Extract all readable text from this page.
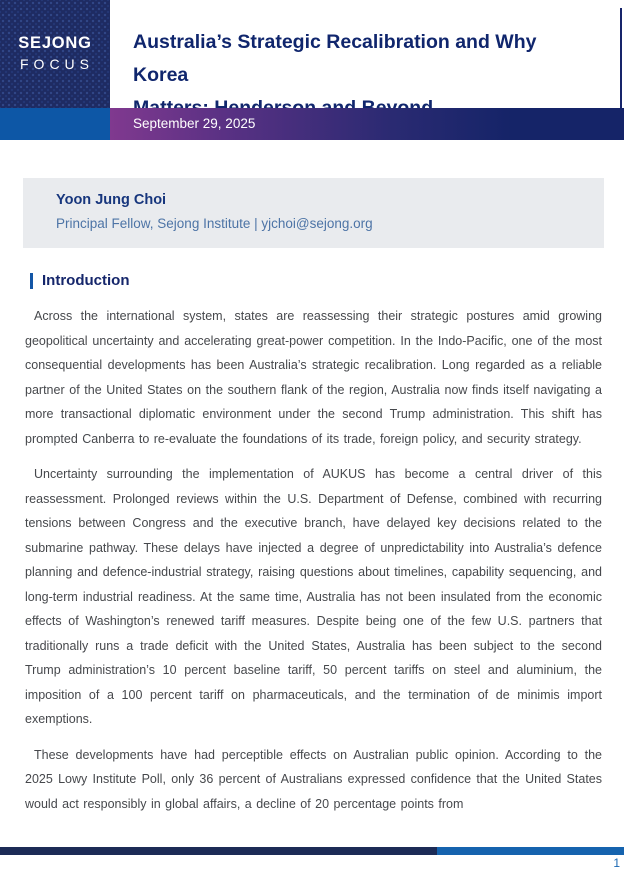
SEJONG
FOCUS
Australia’s Strategic Recalibration and Why Korea
September 29, 2025
Yoon Jung Choi
Principal Fellow, Sejong Institute | yjchoi@sejong.org
Introduction

Across the international system, states are reassessing their strategic postures amid growing geopolitical uncertainty and accelerating great-power competition. In the Indo-Pacific, one of the most consequential developments has been Australia’s strategic recalibration. Long regarded as a reliable partner of the United States on the southern flank of the region, Australia now finds itself navigating a more transactional diplomatic environment under the second Trump administration. This shift has prompted Canberra to re-evaluate the foundations of its trade, foreign policy, and security strategy.

Uncertainty surrounding the implementation of AUKUS has become a central driver of this reassessment. Prolonged reviews within the U.S. Department of Defense, combined with recurring tensions between Congress and the executive branch, have delayed key decisions related to the submarine pathway. These delays have injected a degree of unpredictability into Australia’s defence planning and defence-industrial strategy, raising questions about timelines, capability sequencing, and long-term industrial readiness. At the same time, Australia has not been insulated from the economic effects of Washington’s renewed tariff measures. Despite being one of the few U.S. partners that traditionally runs a trade deficit with the United States, Australia has been subject to the second Trump administration’s 10 percent baseline tariff, 50 percent tariffs on steel and aluminium, the imposition of a 100 percent tariff on pharmaceuticals, and the termination of de minimis import exemptions.

These developments have had perceptible effects on Australian public opinion. According to the 2025 Lowy Institute Poll, only 36 percent of Australians expressed confidence that the United States would act responsibly in global affairs, a decline of 20 percentage points from

1
